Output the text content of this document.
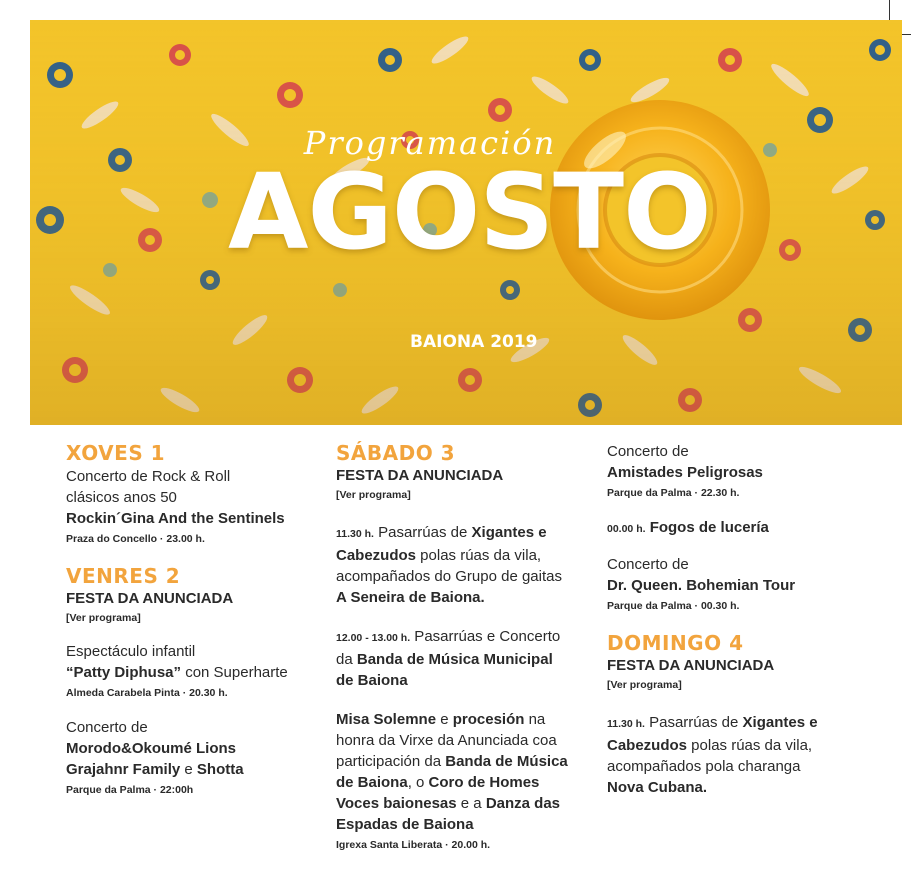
Programación
AGOSTO
BAIONA 2019
XOVES 1
Concerto de Rock & Roll
clásicos anos 50
Rockin´Gina And the Sentinels
Praza do Concello · 23.00 h.
VENRES 2
FESTA DA ANUNCIADA
[Ver programa]
Espectáculo infantil
“Patty Diphusa” con Superharte
Almeda Carabela Pinta · 20.30 h.
Concerto de
Morodo&Okoumé Lions
Grajahnr Family e Shotta
Parque da Palma · 22:00h
SÁBADO 3
FESTA DA ANUNCIADA
[Ver programa]
11.30 h. Pasarrúas de Xigantes e
Cabezudos polas rúas da vila,
acompañados do Grupo de gaitas
A Seneira de Baiona.
12.00 - 13.00 h. Pasarrúas e Concerto
da Banda de Música Municipal
de Baiona
Misa Solemne e procesión na
honra da Virxe da Anunciada coa
participación da Banda de Música
de Baiona, o Coro de Homes
Voces baionesas e a Danza das
Espadas de Baiona
Igrexa Santa Liberata · 20.00 h.
Concerto de
Amistades Peligrosas
Parque da Palma · 22.30 h.
00.00 h. Fogos de lucería
Concerto de
Dr. Queen. Bohemian Tour
Parque da Palma · 00.30 h.
DOMINGO 4
FESTA DA ANUNCIADA
[Ver programa]
11.30 h. Pasarrúas de Xigantes e
Cabezudos polas rúas da vila,
acompañados pola charanga
Nova Cubana.
